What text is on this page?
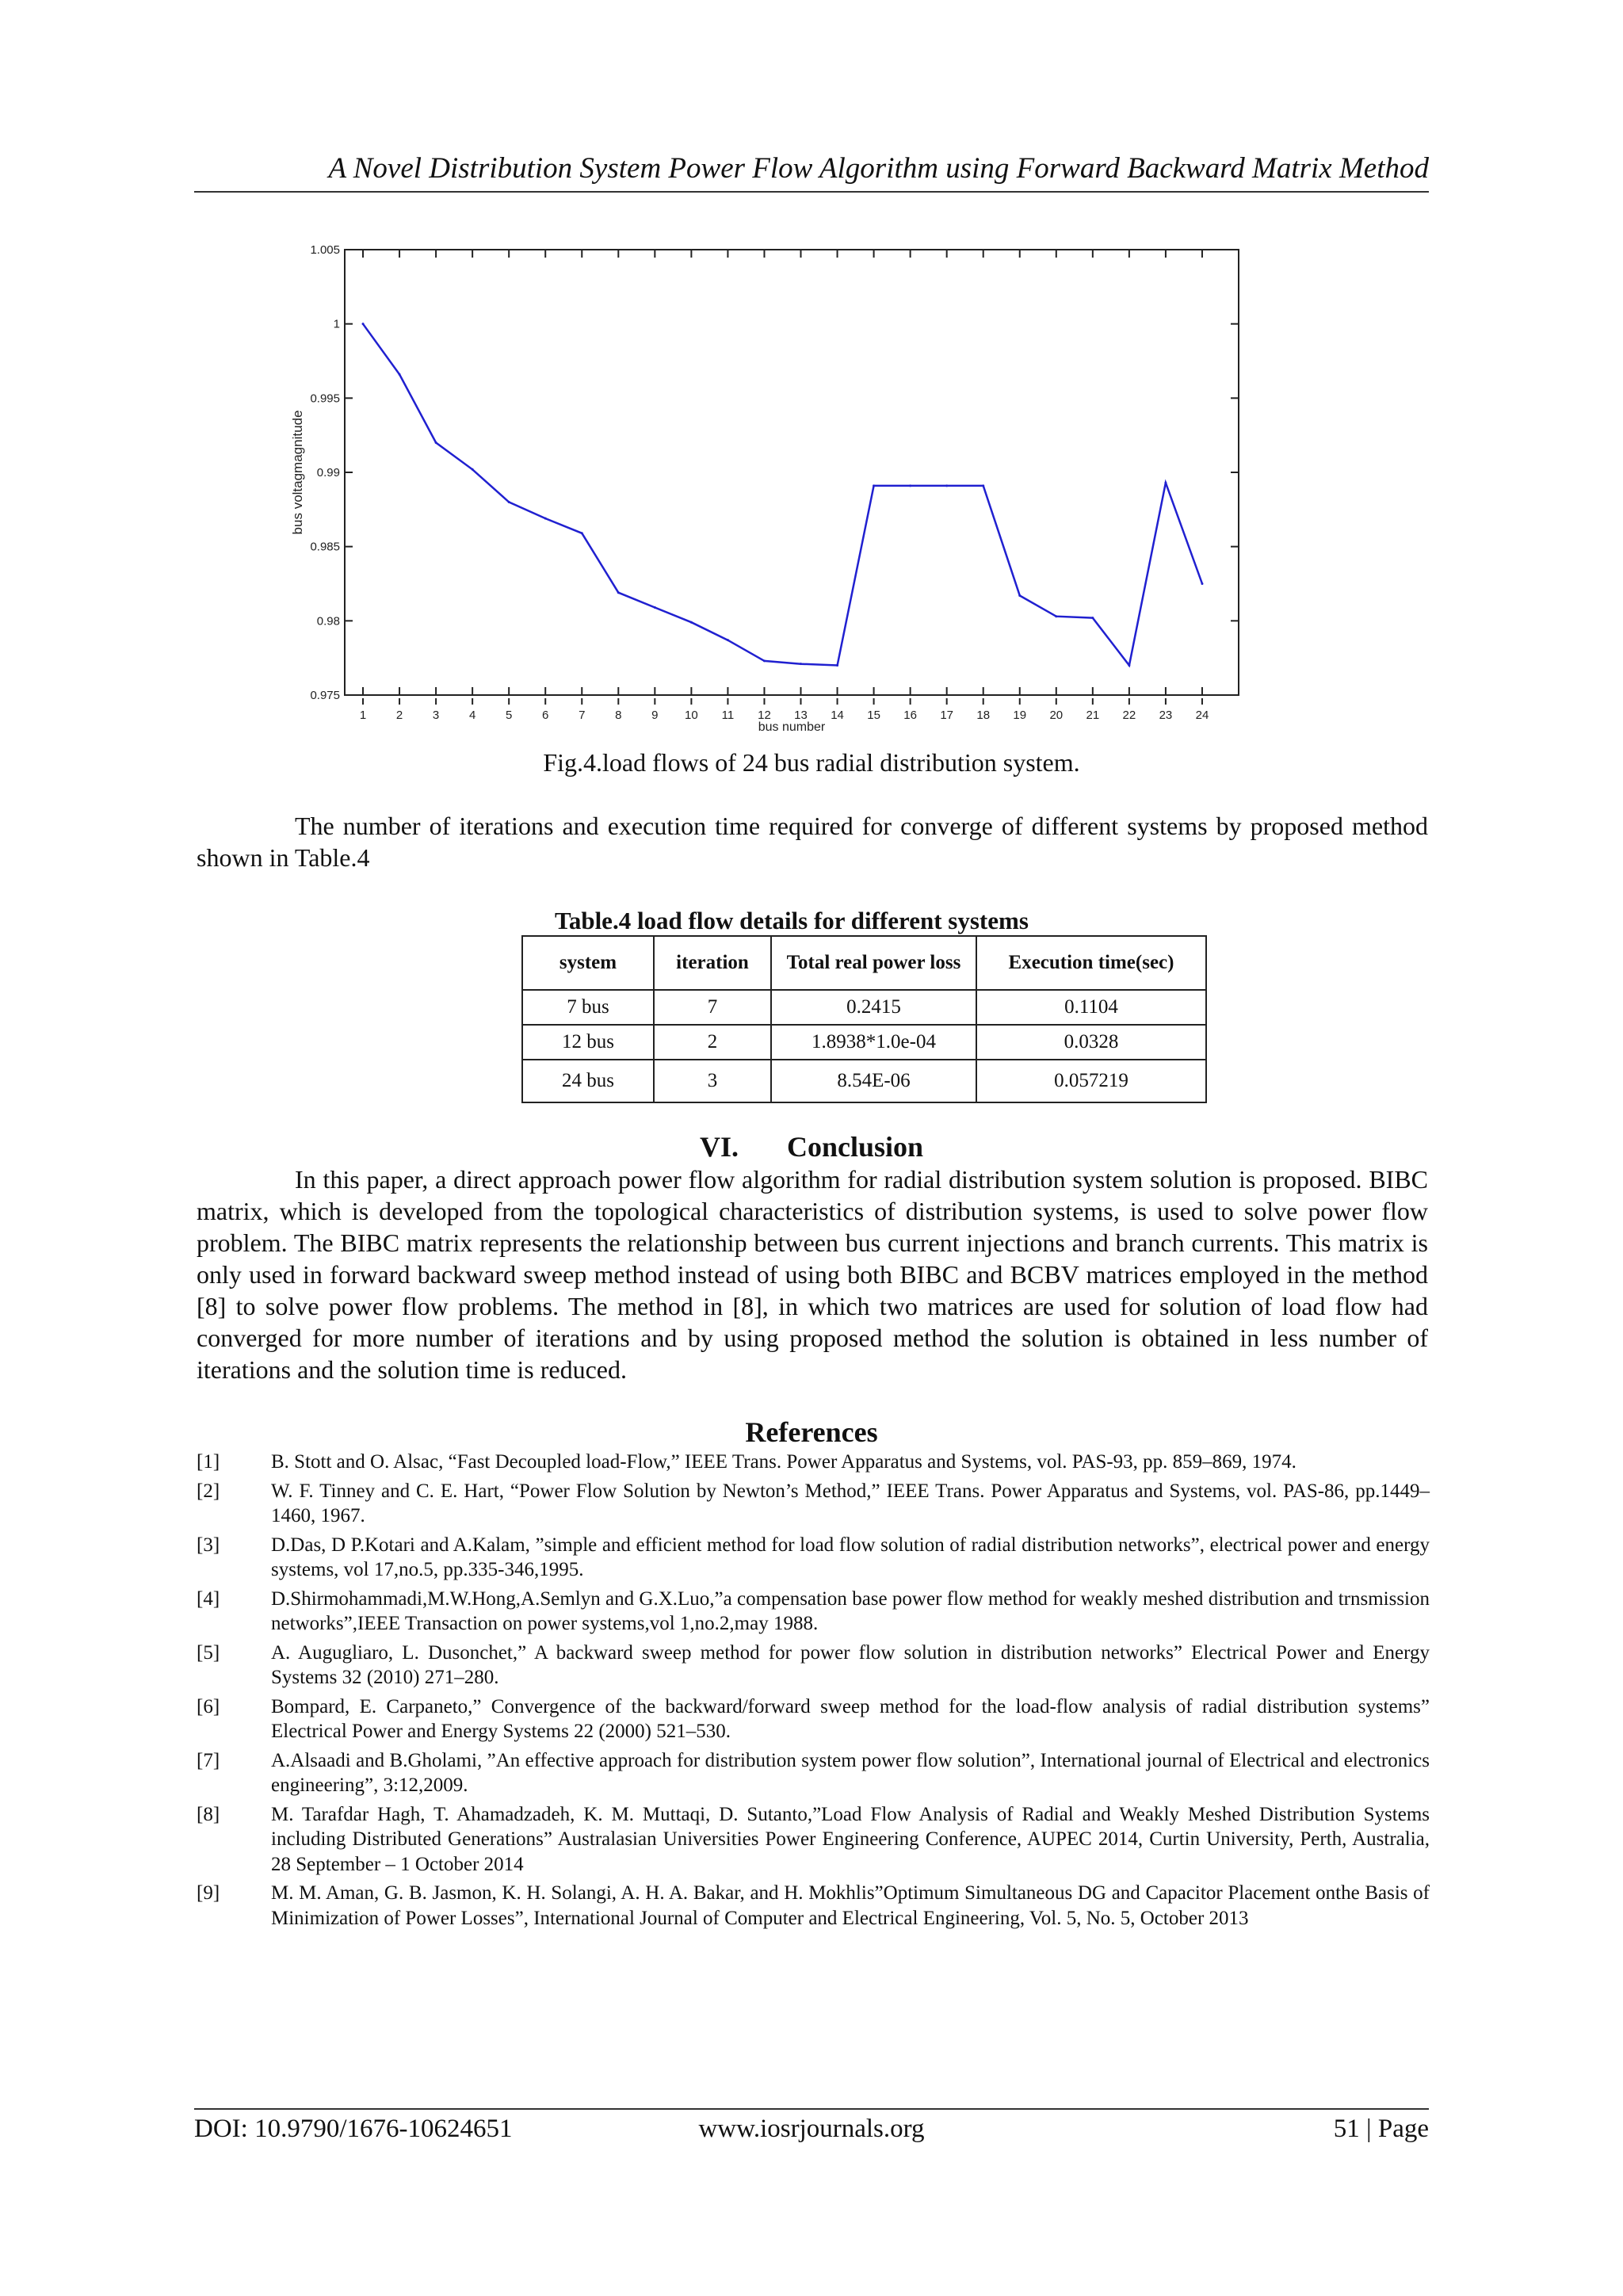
A Novel Distribution System Power Flow Algorithm using Forward Backward Matrix Method
0.975
0.98
0.985
0.99
0.995
1
1.005
1	2	3	4	5	6	7	8	9 10 11 12 13 14 15 16 17 18 19 20 21 22 23 24
bus number
bus voltagmagnitude
Fig.4.load flows of 24 bus radial distribution system.

The number of iterations and execution time required for converge of different systems by proposed method shown in Table.4

Table.4 load flow details for different systems
system	iteration	Total real power loss	Execution time(sec)
7 bus	7	0.2415	0.1104
12 bus	2	1.8938*1.0e-04	0.0328
24 bus	3	8.54E-06	0.057219
VI. Conclusion

In this paper, a direct approach power flow algorithm for radial distribution system solution is proposed. BIBC matrix, which is developed from the topological characteristics of distribution systems, is used to solve power flow problem. The BIBC matrix represents the relationship between bus current injections and branch currents. This matrix is only used in forward backward sweep method instead of using both BIBC and BCBV matrices employed in the method [8] to solve power flow problems. The method in [8], in which two matrices are used for solution of load flow had converged for more number of iterations and by using proposed method the solution is obtained in less number of iterations and the solution time is reduced.

References
[1]	B. Stott and O. Alsac, “Fast Decoupled load-Flow,” IEEE Trans. Power Apparatus and Systems, vol. PAS-93, pp. 859–869, 1974.
[2]	W. F. Tinney and C. E. Hart, “Power Flow Solution by Newton’s Method,” IEEE Trans. Power Apparatus and Systems, vol. PAS-86, pp.1449–1460, 1967.
[3]	D.Das, D P.Kotari and A.Kalam, ”simple and efficient method for load flow solution of radial distribution networks”, electrical power and energy systems, vol 17,no.5, pp.335-346,1995.
[4]	D.Shirmohammadi,M.W.Hong,A.Semlyn and G.X.Luo,”a compensation base power flow method for weakly meshed distribution and trnsmission networks”,IEEE Transaction on power systems,vol 1,no.2,may 1988.
[5]	A. Augugliaro, L. Dusonchet,” A backward sweep method for power flow solution in distribution networks” Electrical Power and Energy Systems 32 (2010) 271–280.
[6]	Bompard, E. Carpaneto,” Convergence of the backward/forward sweep method for the load-flow analysis of radial distribution systems” Electrical Power and Energy Systems 22 (2000) 521–530.
[7]	A.Alsaadi and B.Gholami, ”An effective approach for distribution system power flow solution”, International journal of Electrical and electronics engineering”, 3:12,2009.
[8]	M. Tarafdar Hagh, T. Ahamadzadeh, K. M. Muttaqi, D. Sutanto,”Load Flow Analysis of Radial and Weakly Meshed Distribution Systems including Distributed Generations” Australasian Universities Power Engineering Conference, AUPEC 2014, Curtin University, Perth, Australia, 28 September – 1 October 2014
[9]	M. M. Aman, G. B. Jasmon, K. H. Solangi, A. H. A. Bakar, and H. Mokhlis”Optimum Simultaneous DG and Capacitor Placement onthe Basis of Minimization of Power Losses”, International Journal of Computer and Electrical Engineering, Vol. 5, No. 5, October 2013
DOI: 10.9790/1676-10624651	www.iosrjournals.org	51 | Page
